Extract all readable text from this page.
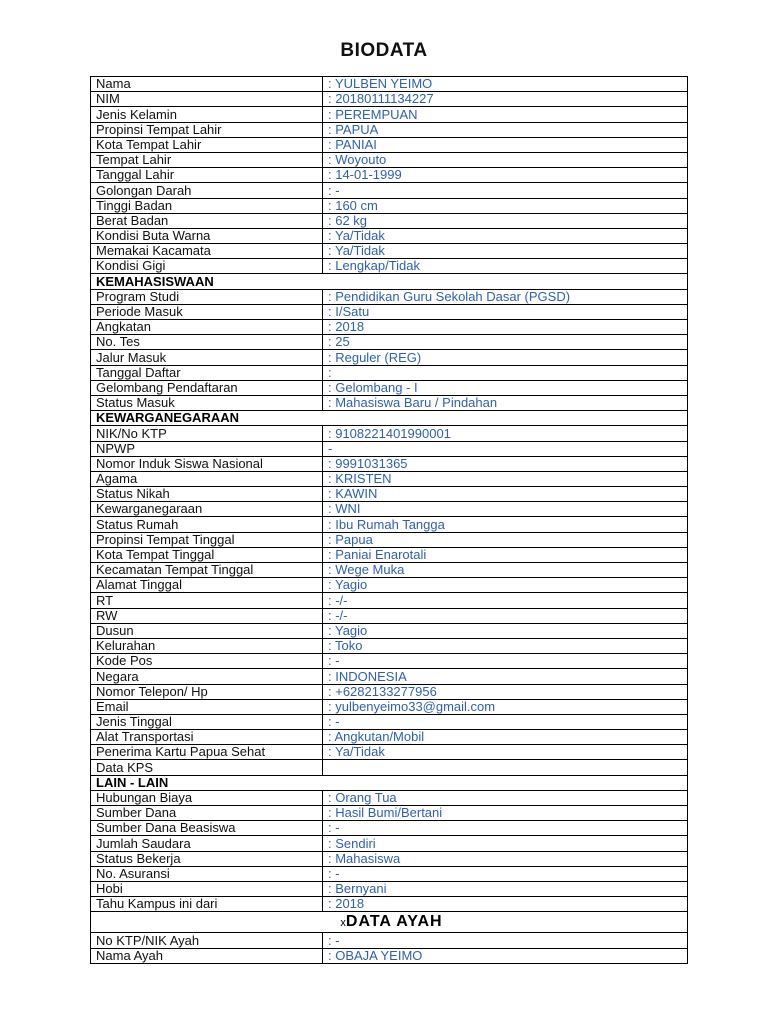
BIODATA
Nama	: YULBEN YEIMO
NIM	: 20180111134227
Jenis Kelamin	: PEREMPUAN
Propinsi Tempat Lahir	: PAPUA
Kota Tempat Lahir	: PANIAI
Tempat Lahir	: Woyouto
Tanggal Lahir	: 14-01-1999
Golongan Darah	: -
Tinggi Badan	: 160 cm
Berat Badan	: 62 kg
Kondisi Buta Warna	: Ya/Tidak
Memakai Kacamata	: Ya/Tidak
Kondisi Gigi	: Lengkap/Tidak
KEMAHASISWAAN	
Program Studi	: Pendidikan Guru Sekolah Dasar (PGSD)
Periode Masuk	: I/Satu
Angkatan	: 2018
No. Tes	: 25
Jalur Masuk	: Reguler (REG)
Tanggal Daftar	:
Gelombang Pendaftaran	: Gelombang - I
Status Masuk	: Mahasiswa Baru / Pindahan
KEWARGANEGARAAN	
NIK/No KTP	: 9108221401990001
NPWP	-
Nomor Induk Siswa Nasional	: 9991031365
Agama	: KRISTEN
Status Nikah	: KAWIN
Kewarganegaraan	: WNI
Status Rumah	: Ibu Rumah Tangga
Propinsi Tempat Tinggal	: Papua
Kota Tempat Tinggal	: Paniai Enarotali
Kecamatan Tempat Tinggal	: Wege Muka
Alamat Tinggal	: Yagio
RT	: -/-
RW	: -/-
Dusun	: Yagio
Kelurahan	: Toko
Kode Pos	: -
Negara	: INDONESIA
Nomor Telepon/ Hp	: +6282133277956
Email	: yulbenyeimo33@gmail.com
Jenis Tinggal	: -
Alat Transportasi	: Angkutan/Mobil
Penerima Kartu Papua Sehat	: Ya/Tidak
Data KPS	
LAIN - LAIN	
Hubungan Biaya	: Orang Tua
Sumber Dana	: Hasil Bumi/Bertani
Sumber Dana Beasiswa	: -
Jumlah Saudara	: Sendiri
Status Bekerja	: Mahasiswa
No. Asuransi	: -
Hobi	: Bernyani
Tahu Kampus ini dari	: 2018
xDATA AYAH	
No KTP/NIK Ayah	: -
Nama Ayah	: OBAJA YEIMO
